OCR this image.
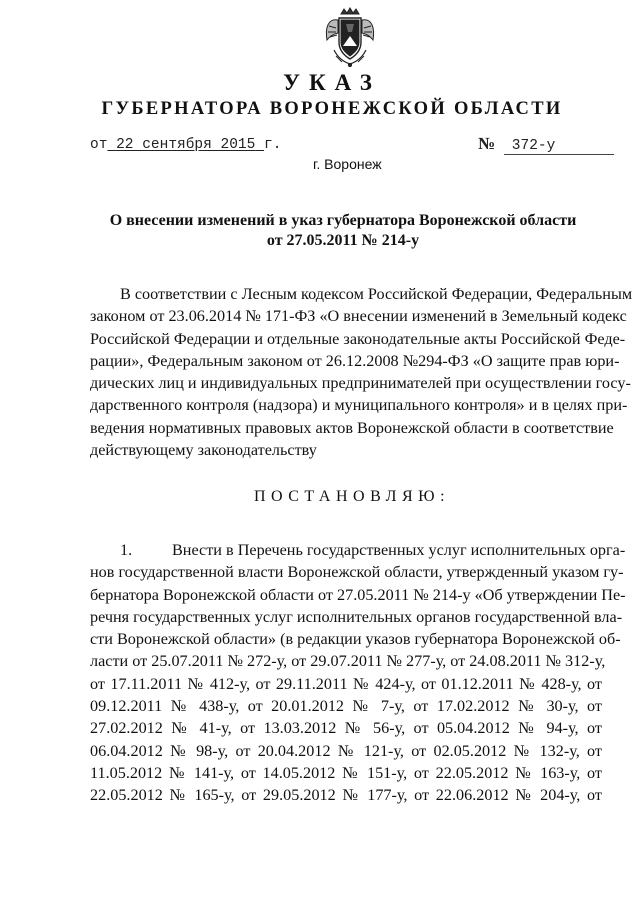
УКАЗ
ГУБЕРНАТОРА ВОРОНЕЖСКОЙ ОБЛАСТИ
от 22 сентября 2015 г.	№ 372-у
г. Воронеж
О внесении изменений в указ губернатора Воронежской области
от 27.05.2011 № 214-у
В соответствии с Лесным кодексом Российской Федерации, Федеральным
законом от 23.06.2014 № 171-ФЗ «О внесении изменений в Земельный кодекс
Российской Федерации и отдельные законодательные акты Российской Феде-
рации», Федеральным законом от 26.12.2008 №294-ФЗ «О защите прав юри-
дических лиц и индивидуальных предпринимателей при осуществлении госу-
дарственного контроля (надзора) и муниципального контроля» и в целях при-
ведения нормативных правовых актов Воронежской области в соответствие
действующему законодательству
ПОСТАНОВЛЯЮ:
1. Внести в Перечень государственных услуг исполнительных орга-
нов государственной власти Воронежской области, утвержденный указом гу-
бернатора Воронежской области от 27.05.2011 № 214-у «Об утверждении Пе-
речня государственных услуг исполнительных органов государственной вла-
сти Воронежской области» (в редакции указов губернатора Воронежской об-
ласти от 25.07.2011 № 272-у, от 29.07.2011 № 277-у, от 24.08.2011 № 312-у,
от 17.11.2011 № 412-у, от 29.11.2011 № 424-у, от 01.12.2011 № 428-у, от
09.12.2011 № 438-у, от 20.01.2012 № 7-у, от 17.02.2012 № 30-у, от
27.02.2012 № 41-у, от 13.03.2012 № 56-у, от 05.04.2012 № 94-у, от
06.04.2012 № 98-у, от 20.04.2012 № 121-у, от 02.05.2012 № 132-у, от
11.05.2012 № 141-у, от 14.05.2012 № 151-у, от 22.05.2012 № 163-у, от
22.05.2012 № 165-у, от 29.05.2012 № 177-у, от 22.06.2012 № 204-у, от
